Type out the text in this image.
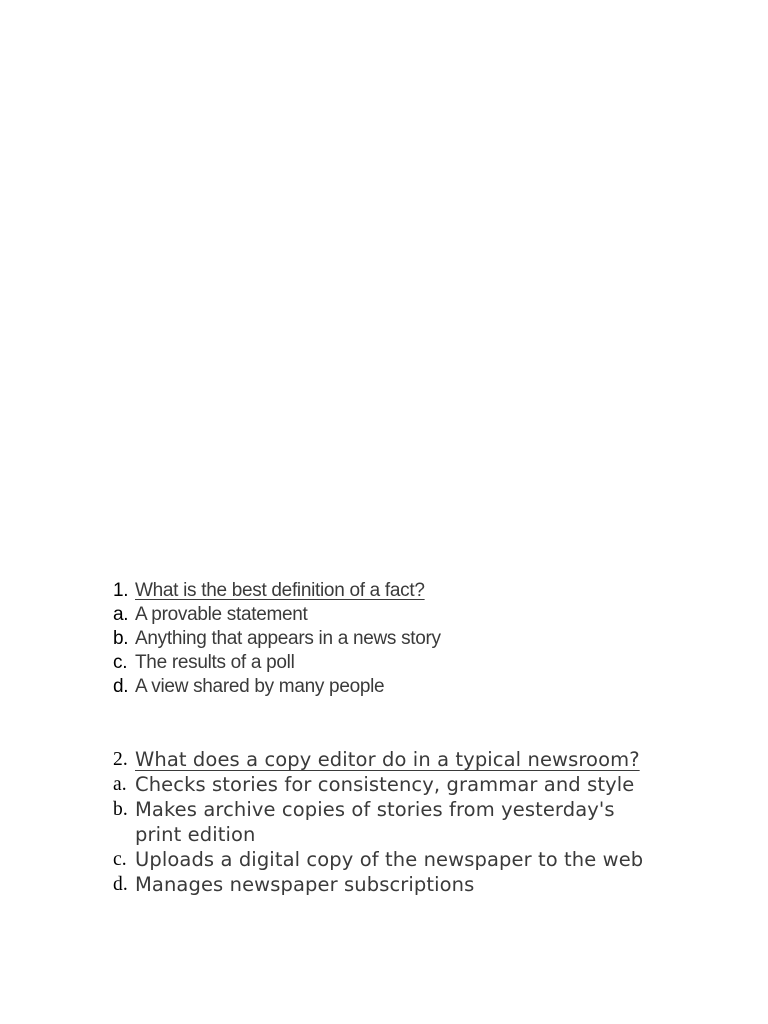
1. What is the best definition of a fact?
a. A provable statement
b. Anything that appears in a news story
c. The results of a poll
d. A view shared by many people
2. What does a copy editor do in a typical newsroom?
a. Checks stories for consistency, grammar and style
b. Makes archive copies of stories from yesterday's print edition
c. Uploads a digital copy of the newspaper to the web
d. Manages newspaper subscriptions
